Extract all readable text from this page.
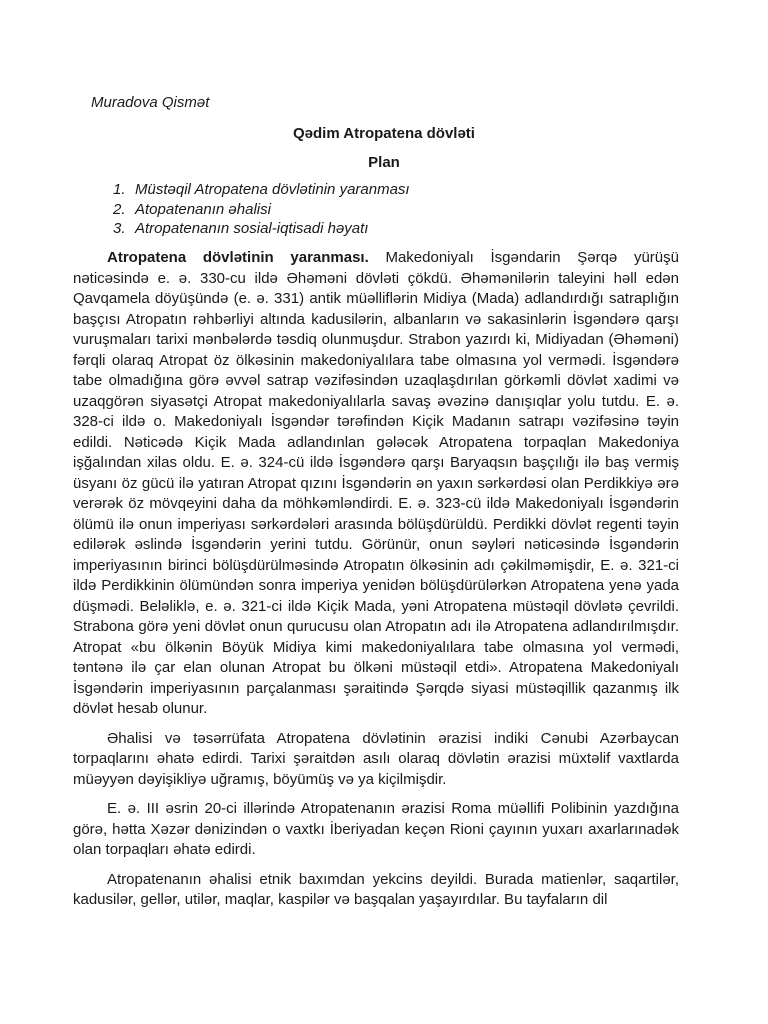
Muradova Qismət
Qədim Atropatena dövləti
Plan
1. Müstəqil Atropatena dövlətinin yaranması
2. Atopatenanın əhalisi
3. Atropatenanın sosial-iqtisadi həyatı

Atropatena dövlətinin yaranması. Makedoniyalı İsgəndarin Şərqə yürüşü nəticəsində e. ə. 330-cu ildə Əhəməni dövləti çökdü. Əhəmənilərin taleyini həll edən Qavqamela döyüşündə (e. ə. 331) antik müəlliflərin Midiya (Mada) adlandırdığı satraplığın başçısı Atropatın rəhbərliyi altında kadusilərin, albanların və sakasinlərin İsgəndərə qarşı vuruşmaları tarixi mənbələrdə təsdiq olunmuşdur. Strabon yazırdı ki, Midiyadan (Əhəməni) fərqli olaraq Atropat öz ölkəsinin makedoniyalılara tabe olmasına yol vermədi. İsgəndərə tabe olmadığına görə əvvəl satrap vəzifəsindən uzaqlaşdırılan görkəmli dövlət xadimi və uzaqgörən siyasətçi Atropat makedoniyalılarla savaş əvəzinə danışıqlar yolu tutdu. E. ə. 328-ci ildə o. Makedoniyalı İsgəndər tərəfindən Kiçik Madanın satrapı vəzifəsinə təyin edildi. Nəticədə Kiçik Mada adlandınlan gələcək Atropatena torpaqlan Makedoniya işğalından xilas oldu. E. ə. 324-cü ildə İsgəndərə qarşı Baryaqsın başçılığı ilə baş vermiş üsyanı öz gücü ilə yatıran Atropat qızını İsgəndərin ən yaxın sərkərdəsi olan Perdikkiyə ərə verərək öz mövqeyini daha da möhkəmləndirdi. E. ə. 323-cü ildə Makedoniyalı İsgəndərin ölümü ilə onun imperiyası sərkərdələri arasında bölüşdürüldü. Perdikki dövlət regenti təyin edilərək əslində İsgəndərin yerini tutdu. Görünür, onun səyləri nəticəsində İsgəndərin imperiyasının birinci bölüşdürülməsində Atropatın ölkəsinin adı çəkilməmişdir, E. ə. 321-ci ildə Perdikkinin ölümündən sonra imperiya yenidən bölüşdürülərkən Atropatena yenə yada düşmədi. Beləliklə, e. ə. 321-ci ildə Kiçik Mada, yəni Atropatena müstəqil dövlətə çevrildi. Strabona görə yeni dövlət onun qurucusu olan Atropatın adı ilə Atropatena adlandırılmışdır. Atropat «bu ölkənin Böyük Midiya kimi makedoniyalılara tabe olmasına yol vermədi, təntənə ilə çar elan olunan Atropat bu ölkəni müstəqil etdi». Atropatena Makedoniyalı İsgəndərin imperiyasının parçalanması şəraitində Şərqdə siyasi müstəqillik qazanmış ilk dövlət hesab olunur.

Əhalisi və təsərrüfata Atropatena dövlətinin ərazisi indiki Cənubi Azərbaycan torpaqlarını əhatə edirdi. Tarixi şəraitdən asılı olaraq dövlətin ərazisi müxtəlif vaxtlarda müəyyən dəyişikliyə uğramış, böyümüş və ya kiçilmişdir.

E. ə. III əsrin 20-ci illərində Atropatenanın ərazisi Roma müəllifi Polibinin yazdığına görə, hətta Xəzər dənizindən o vaxtkı İberiyadan keçən Rioni çayının yuxarı axarlarınadək olan torpaqları əhatə edirdi.

Atropatenanın əhalisi etnik baxımdan yekcins deyildi. Burada matienlər, saqartilər, kadusilər, gellər, utilər, maqlar, kaspilər və başqalan yaşayırdılar. Bu tayfaların dil
